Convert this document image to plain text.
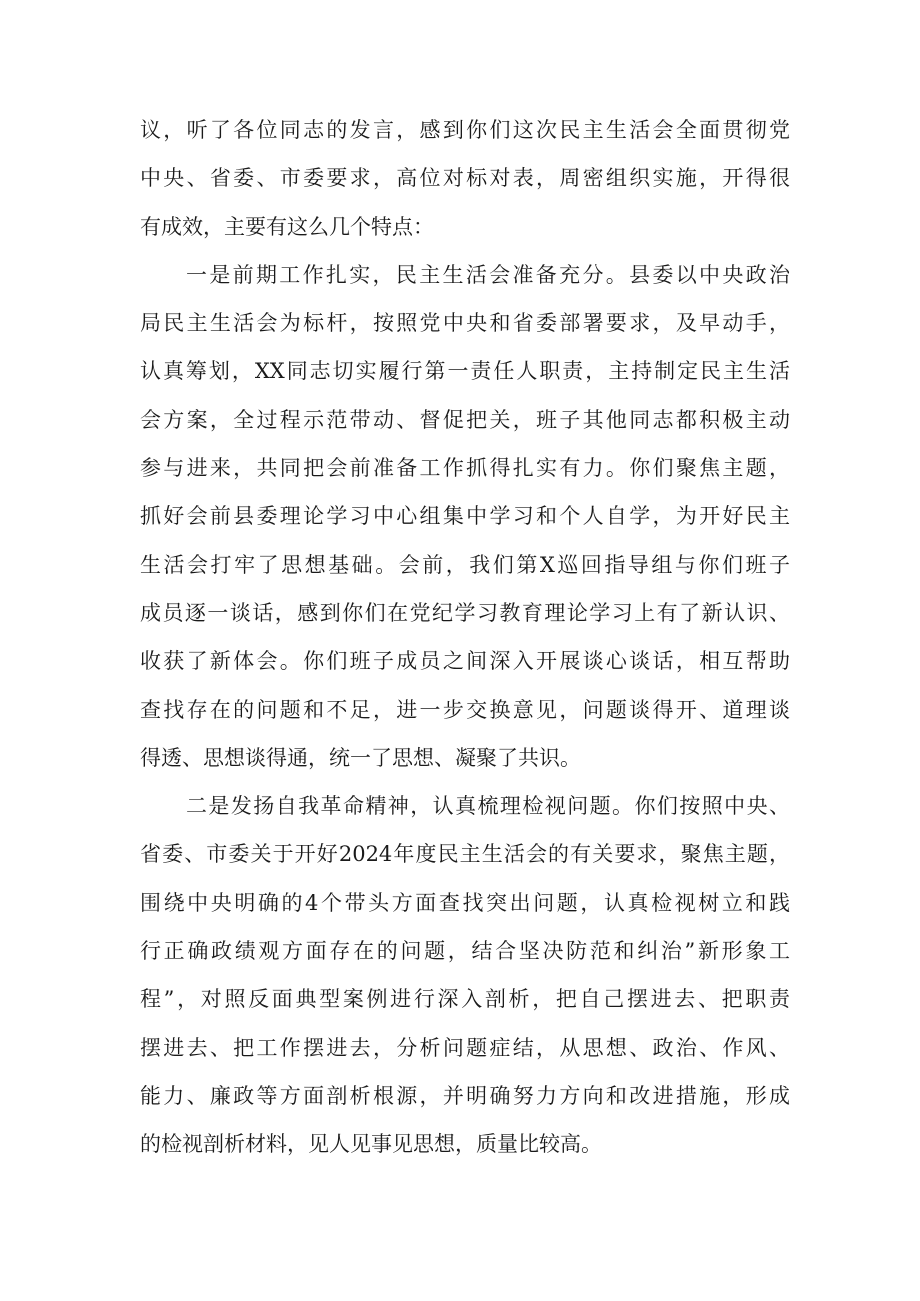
议，听了各位同志的发言，感到你们这次民主生活会全面贯彻党
中央、省委、市委要求，高位对标对表，周密组织实施，开得很
有成效，主要有这么几个特点：
一是前期工作扎实，民主生活会准备充分。县委以中央政治
局民主生活会为标杆，按照党中央和省委部署要求，及早动手，
认真筹划，XX同志切实履行第一责任人职责，主持制定民主生活
会方案，全过程示范带动、督促把关，班子其他同志都积极主动
参与进来，共同把会前准备工作抓得扎实有力。你们聚焦主题，
抓好会前县委理论学习中心组集中学习和个人自学，为开好民主
生活会打牢了思想基础。会前，我们第X巡回指导组与你们班子
成员逐一谈话，感到你们在党纪学习教育理论学习上有了新认识、
收获了新体会。你们班子成员之间深入开展谈心谈话，相互帮助
查找存在的问题和不足，进一步交换意见，问题谈得开、道理谈
得透、思想谈得通，统一了思想、凝聚了共识。
二是发扬自我革命精神，认真梳理检视问题。你们按照中央、
省委、市委关于开好2024年度民主生活会的有关要求，聚焦主题，
围绕中央明确的4个带头方面查找突出问题，认真检视树立和践
行正确政绩观方面存在的问题，结合坚决防范和纠治”新形象工
程”，对照反面典型案例进行深入剖析，把自己摆进去、把职责
摆进去、把工作摆进去，分析问题症结，从思想、政治、作风、
能力、廉政等方面剖析根源，并明确努力方向和改进措施，形成
的检视剖析材料，见人见事见思想，质量比较高。
